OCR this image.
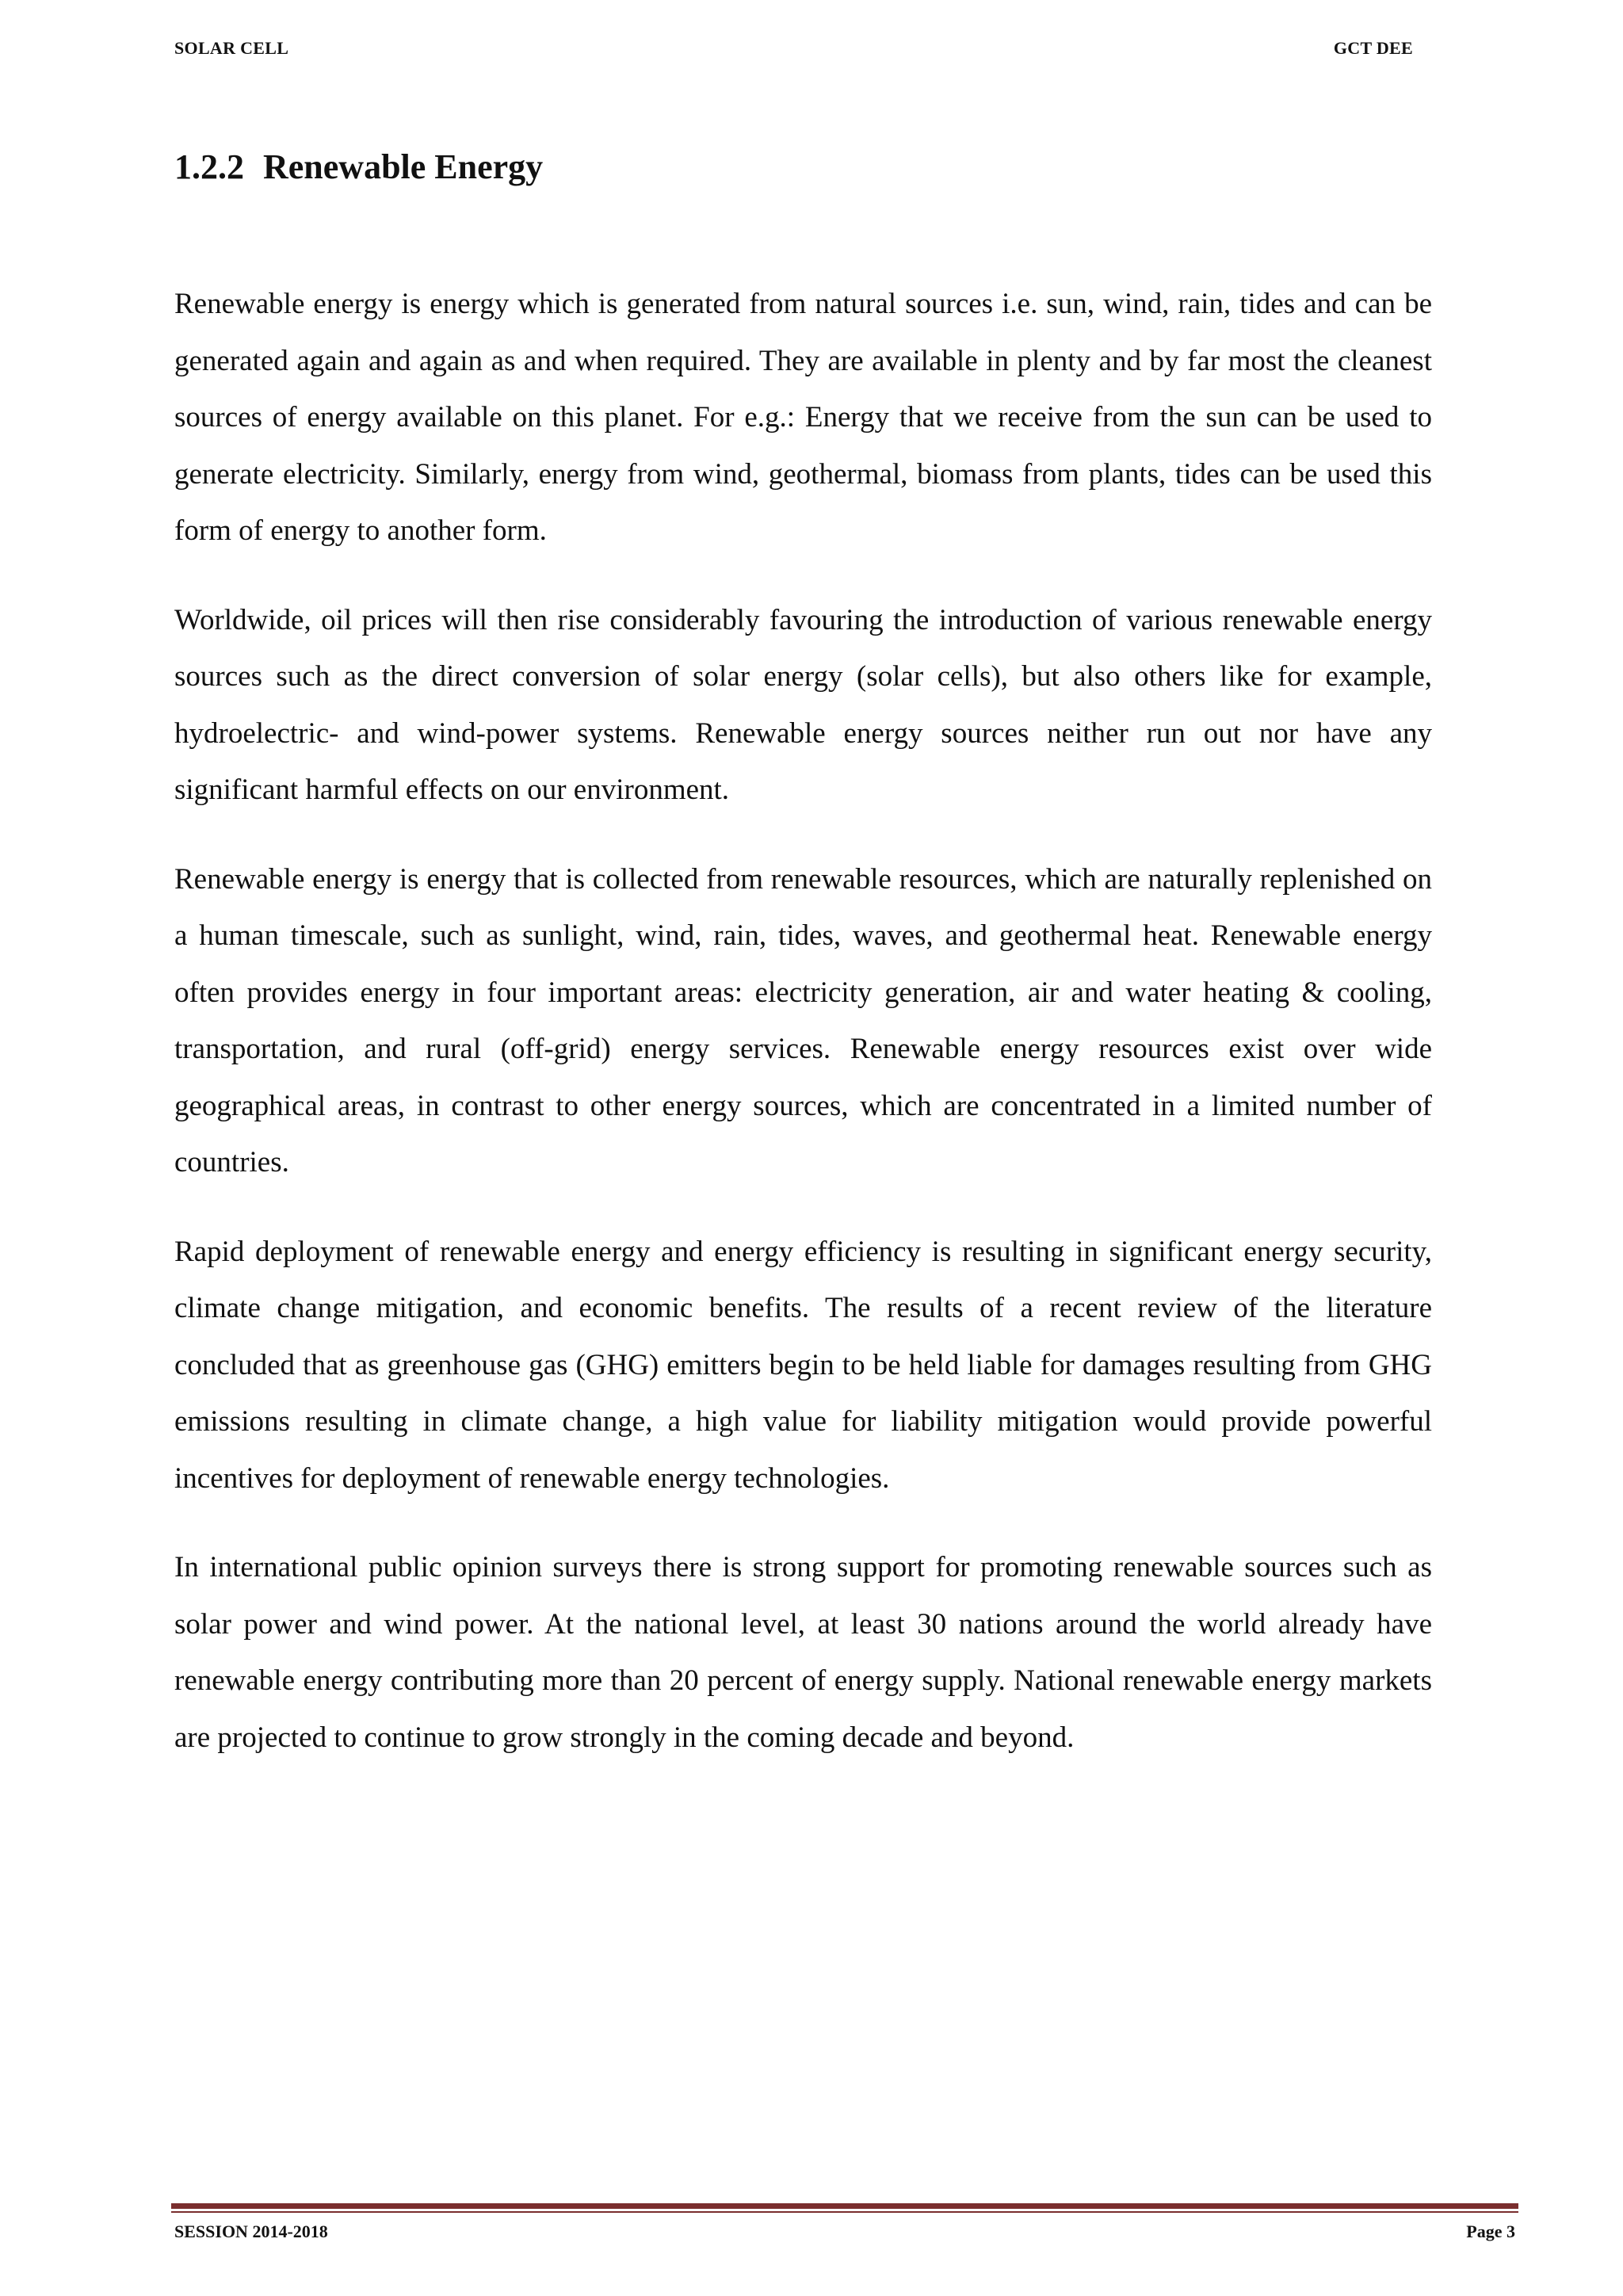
SOLAR CELL	GCT DEE
1.2.2 Renewable Energy

Renewable energy is energy which is generated from natural sources i.e. sun, wind, rain, tides and can be generated again and again as and when required. They are available in plenty and by far most the cleanest sources of energy available on this planet. For e.g.: Energy that we receive from the sun can be used to generate electricity. Similarly, energy from wind, geothermal, biomass from plants, tides can be used this form of energy to another form.

Worldwide, oil prices will then rise considerably favouring the introduction of various renewable energy sources such as the direct conversion of solar energy (solar cells), but also others like for example, hydroelectric- and wind-power systems. Renewable energy sources neither run out nor have any significant harmful effects on our environment.

Renewable energy is energy that is collected from renewable resources, which are naturally replenished on a human timescale, such as sunlight, wind, rain, tides, waves, and geothermal heat. Renewable energy often provides energy in four important areas: electricity generation, air and water heating & cooling, transportation, and rural (off-grid) energy services. Renewable energy resources exist over wide geographical areas, in contrast to other energy sources, which are concentrated in a limited number of countries.

Rapid deployment of renewable energy and energy efficiency is resulting in significant energy security, climate change mitigation, and economic benefits. The results of a recent review of the literature concluded that as greenhouse gas (GHG) emitters begin to be held liable for damages resulting from GHG emissions resulting in climate change, a high value for liability mitigation would provide powerful incentives for deployment of renewable energy technologies.

In international public opinion surveys there is strong support for promoting renewable sources such as solar power and wind power. At the national level, at least 30 nations around the world already have renewable energy contributing more than 20 percent of energy supply. National renewable energy markets are projected to continue to grow strongly in the coming decade and beyond.

SESSION 2014-2018	Page 3
